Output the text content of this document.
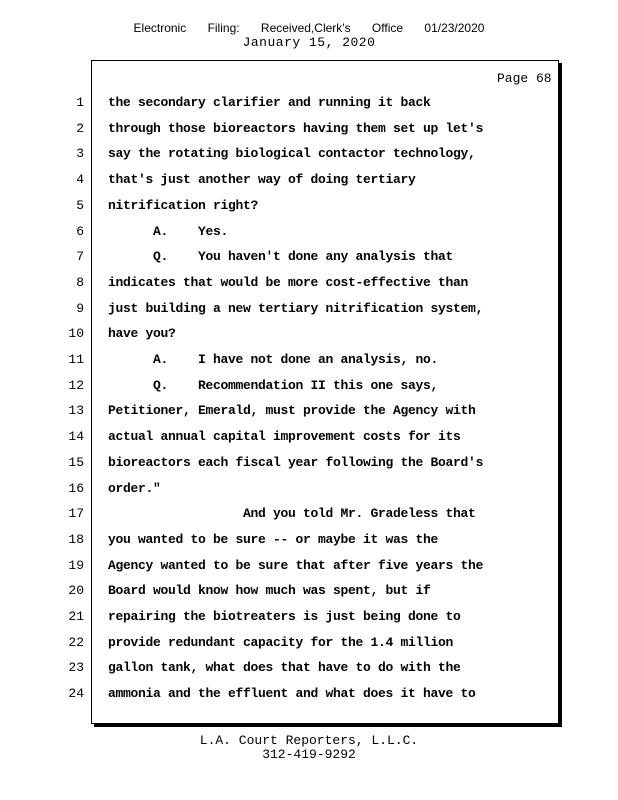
Electronic Filing: Received,Clerk's Office 01/23/2020
January 15, 2020
Page 68
1 the secondary clarifier and running it back
2 through those bioreactors having them set up let's
3 say the rotating biological contactor technology,
4 that's just another way of doing tertiary
5 nitrification right?
6 A.    Yes.
7 Q.    You haven't done any analysis that
8 indicates that would be more cost-effective than
9 just building a new tertiary nitrification system,
10 have you?
11 A.    I have not done an analysis, no.
12 Q.    Recommendation II this one says,
13 Petitioner, Emerald, must provide the Agency with
14 actual annual capital improvement costs for its
15 bioreactors each fiscal year following the Board's
16 order."
17 And you told Mr. Gradeless that
18 you wanted to be sure -- or maybe it was the
19 Agency wanted to be sure that after five years the
20 Board would know how much was spent, but if
21 repairing the biotreaters is just being done to
22 provide redundant capacity for the 1.4 million
23 gallon tank, what does that have to do with the
24 ammonia and the effluent and what does it have to
L.A. Court Reporters, L.L.C.
312-419-9292
